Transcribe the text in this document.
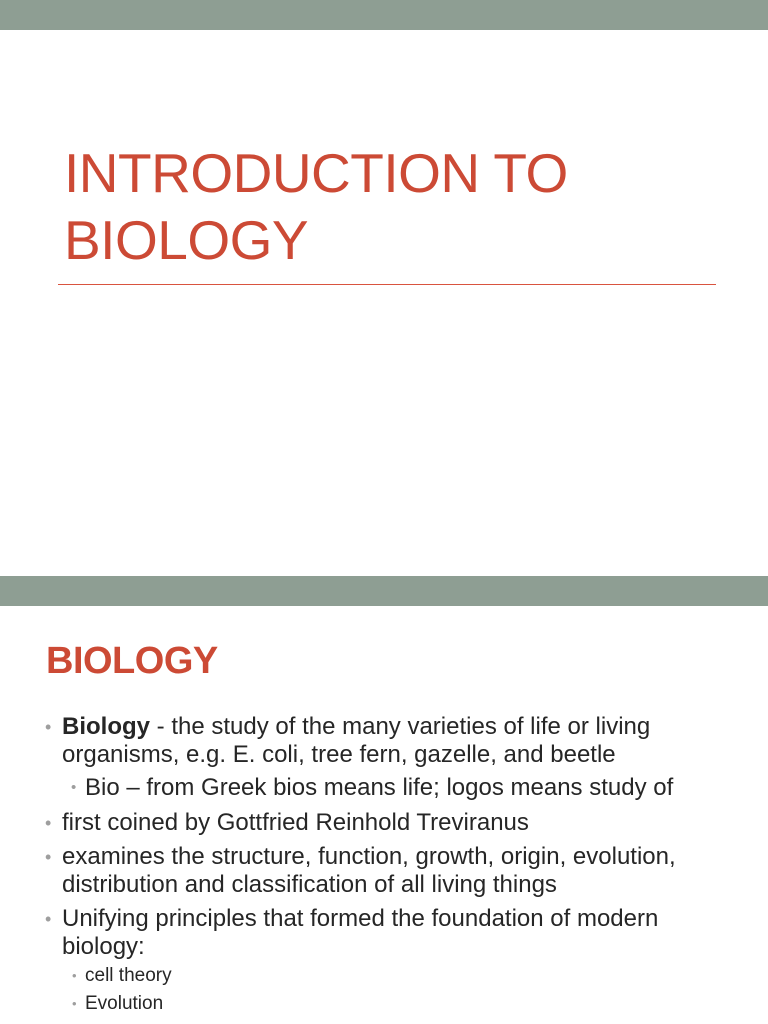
INTRODUCTION TO
BIOLOGY
BIOLOGY
• Biology - the study of the many varieties of life or living
organisms, e.g. E. coli, tree fern, gazelle, and beetle
• Bio – from Greek bios means life; logos means study of
• first coined by Gottfried Reinhold Treviranus
• examines the structure, function, growth, origin, evolution,
distribution and classification of all living things
• Unifying principles that formed the foundation of modern
biology:
• cell theory
• Evolution
